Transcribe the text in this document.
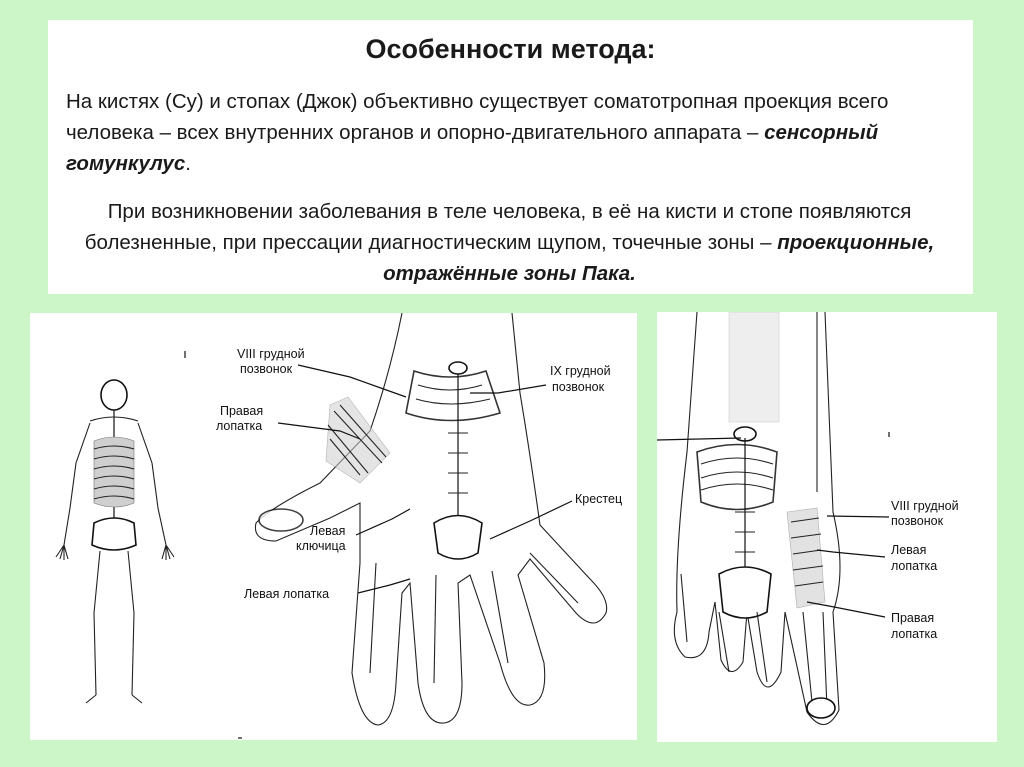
Особенности метода:
На кистях (Су) и стопах (Джок) объективно существует соматотропная проекция всего человека – всех внутренних органов и опорно-двигательного аппарата – сенсорный гомункулус.
При возникновении заболевания в теле человека, в её на кисти и стопе появляются болезненные, при прессации диагностическим щупом, точечные зоны – проекционные, отражённые зоны Пака.
VIII грудной
позвонок	IX грудной
позвонок
Правая
лопатка
Крестец
Левая
ключица
Левая лопатка
VIII грудной
позвонок
Левая
лопатка
Правая
лопатка
